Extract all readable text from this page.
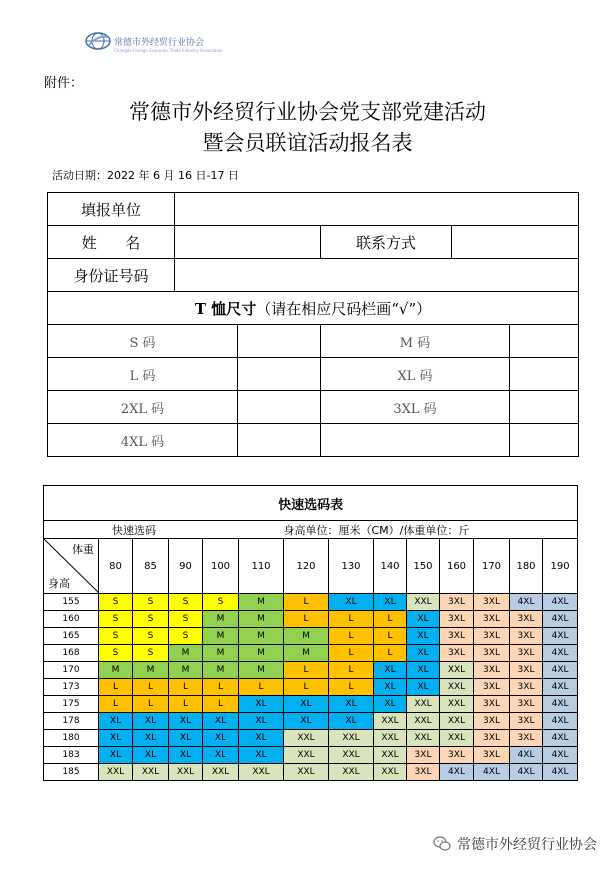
常德市外经贸行业协会
Changde Foreign Economic Trade Industry Association
附件：
常德市外经贸行业协会党支部党建活动
暨会员联谊活动报名表
活动日期：2022 年 6 月 16 日-17 日
填报单位					
姓      名			联系方式		
身份证号码					
T 恤尺寸（请在相应尺码栏画“√”）					
S 码			M 码		
L 码			XL 码		
2XL 码			3XL 码		
4XL 码					
快速选码表													
快速选码						身高单位：厘米（CM）/体重单位：斤							

体重
身高	80	85	90	100	110	120	130	140	150	160	170	180	190
155	S	S	S	S	M	L	XL	XL	XXL	3XL	3XL	4XL	4XL
160	S	S	S	M	M	L	L	L	XL	3XL	3XL	3XL	4XL
165	S	S	S	M	M	M	L	L	XL	3XL	3XL	3XL	4XL
168	S	S	M	M	M	M	L	L	XL	3XL	3XL	3XL	4XL
170	M	M	M	M	M	L	L	XL	XL	XXL	3XL	3XL	4XL
173	L	L	L	L	L	L	L	XL	XL	XXL	3XL	3XL	4XL
175	L	L	L	L	XL	XL	XL	XL	XXL	XXL	3XL	3XL	4XL
178	XL	XL	XL	XL	XL	XL	XL	XXL	XXL	XXL	3XL	3XL	4XL
180	XL	XL	XL	XL	XL	XXL	XXL	XXL	XXL	XXL	3XL	3XL	4XL
183	XL	XL	XL	XL	XL	XXL	XXL	XXL	3XL	3XL	3XL	4XL	4XL
185	XXL	XXL	XXL	XXL	XXL	XXL	XXL	XXL	3XL	4XL	4XL	4XL	4XL
常德市外经贸行业协会
